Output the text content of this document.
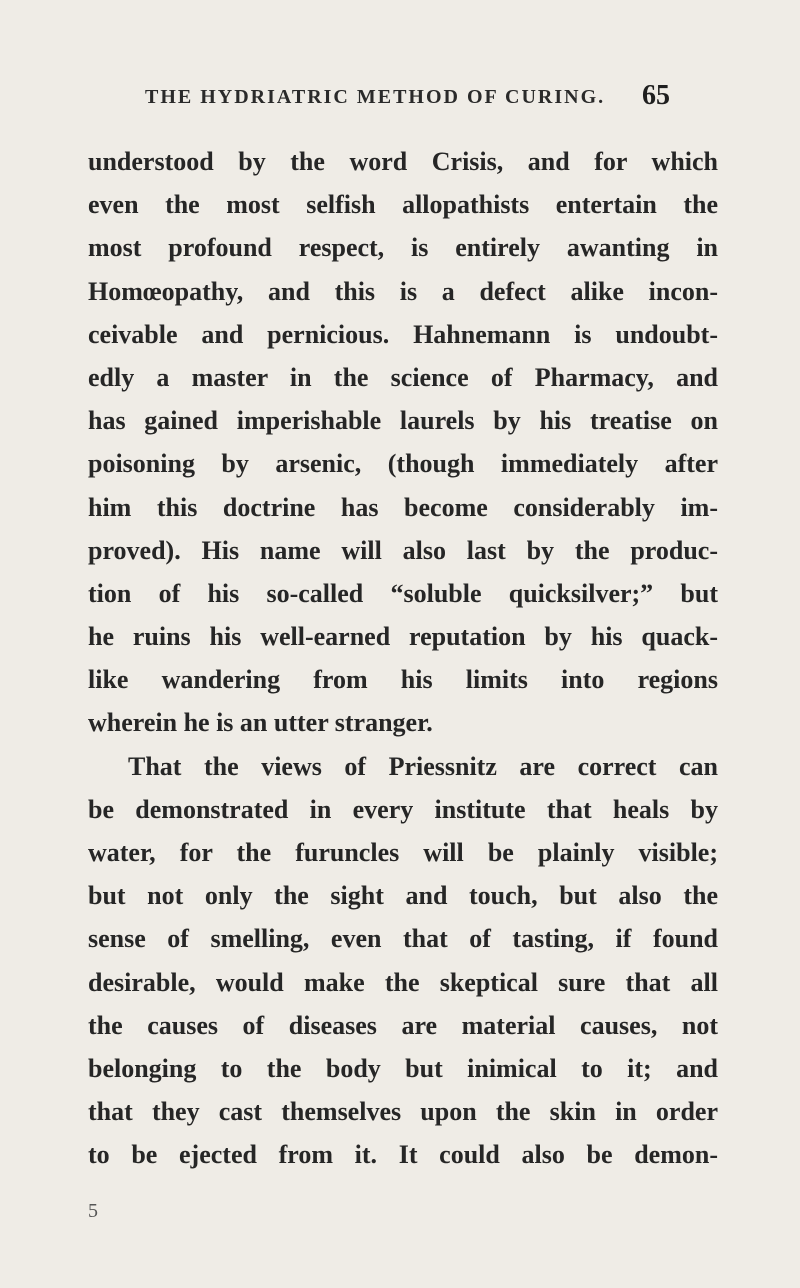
THE HYDRIATRIC METHOD OF CURING.	65
understood by the word Crisis, and for which
even the most selfish allopathists entertain the
most profound respect, is entirely awanting in
Homœopathy, and this is a defect alike incon-
ceivable and pernicious. Hahnemann is undoubt-
edly a master in the science of Pharmacy, and
has gained imperishable laurels by his treatise on
poisoning by arsenic, (though immediately after
him this doctrine has become considerably im-
proved). His name will also last by the produc-
tion of his so-called “soluble quicksilver;” but
he ruins his well-earned reputation by his quack-
like wandering from his limits into regions
wherein he is an utter stranger.
That the views of Priessnitz are correct can
be demonstrated in every institute that heals by
water, for the furuncles will be plainly visible;
but not only the sight and touch, but also the
sense of smelling, even that of tasting, if found
desirable, would make the skeptical sure that all
the causes of diseases are material causes, not
belonging to the body but inimical to it; and
that they cast themselves upon the skin in order
to be ejected from it. It could also be demon-
5
